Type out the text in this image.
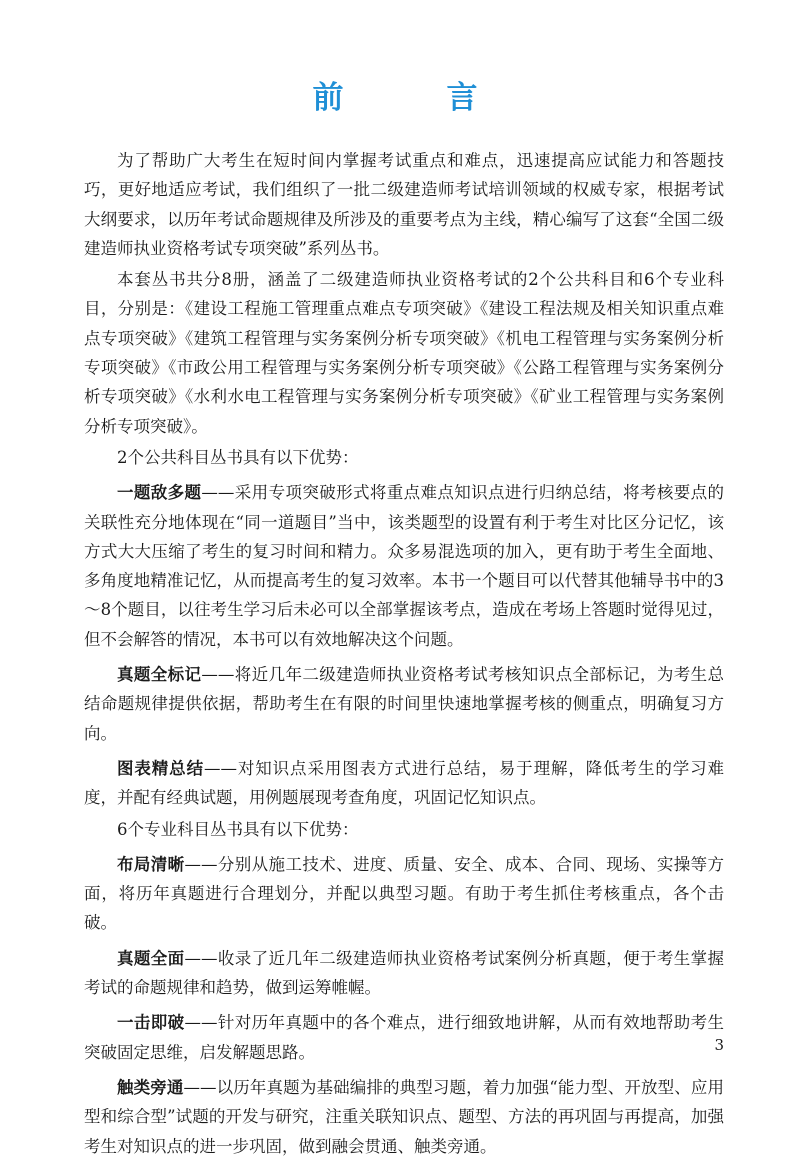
前　言

为了帮助广大考生在短时间内掌握考试重点和难点，迅速提高应试能力和答题技巧，更好地适应考试，我们组织了一批二级建造师考试培训领域的权威专家，根据考试大纲要求，以历年考试命题规律及所涉及的重要考点为主线，精心编写了这套“全国二级建造师执业资格考试专项突破”系列丛书。

本套丛书共分8册，涵盖了二级建造师执业资格考试的2个公共科目和6个专业科目，分别是：《建设工程施工管理重点难点专项突破》《建设工程法规及相关知识重点难点专项突破》《建筑工程管理与实务案例分析专项突破》《机电工程管理与实务案例分析专项突破》《市政公用工程管理与实务案例分析专项突破》《公路工程管理与实务案例分析专项突破》《水利水电工程管理与实务案例分析专项突破》《矿业工程管理与实务案例分析专项突破》。

2个公共科目丛书具有以下优势：

一题敌多题——采用专项突破形式将重点难点知识点进行归纳总结，将考核要点的关联性充分地体现在“同一道题目”当中，该类题型的设置有利于考生对比区分记忆，该方式大大压缩了考生的复习时间和精力。众多易混选项的加入，更有助于考生全面地、多角度地精准记忆，从而提高考生的复习效率。本书一个题目可以代替其他辅导书中的3～8个题目，以往考生学习后未必可以全部掌握该考点，造成在考场上答题时觉得见过，但不会解答的情况，本书可以有效地解决这个问题。

真题全标记——将近几年二级建造师执业资格考试考核知识点全部标记，为考生总结命题规律提供依据，帮助考生在有限的时间里快速地掌握考核的侧重点，明确复习方向。

图表精总结——对知识点采用图表方式进行总结，易于理解，降低考生的学习难度，并配有经典试题，用例题展现考查角度，巩固记忆知识点。

6个专业科目丛书具有以下优势：

布局清晰——分别从施工技术、进度、质量、安全、成本、合同、现场、实操等方面，将历年真题进行合理划分，并配以典型习题。有助于考生抓住考核重点，各个击破。

真题全面——收录了近几年二级建造师执业资格考试案例分析真题，便于考生掌握考试的命题规律和趋势，做到运筹帷幄。

一击即破——针对历年真题中的各个难点，进行细致地讲解，从而有效地帮助考生突破固定思维，启发解题思路。

触类旁通——以历年真题为基础编排的典型习题，着力加强“能力型、开放型、应用型和综合型”试题的开发与研究，注重关联知识点、题型、方法的再巩固与再提高，加强考生对知识点的进一步巩固，做到融会贯通、触类旁通。

3
